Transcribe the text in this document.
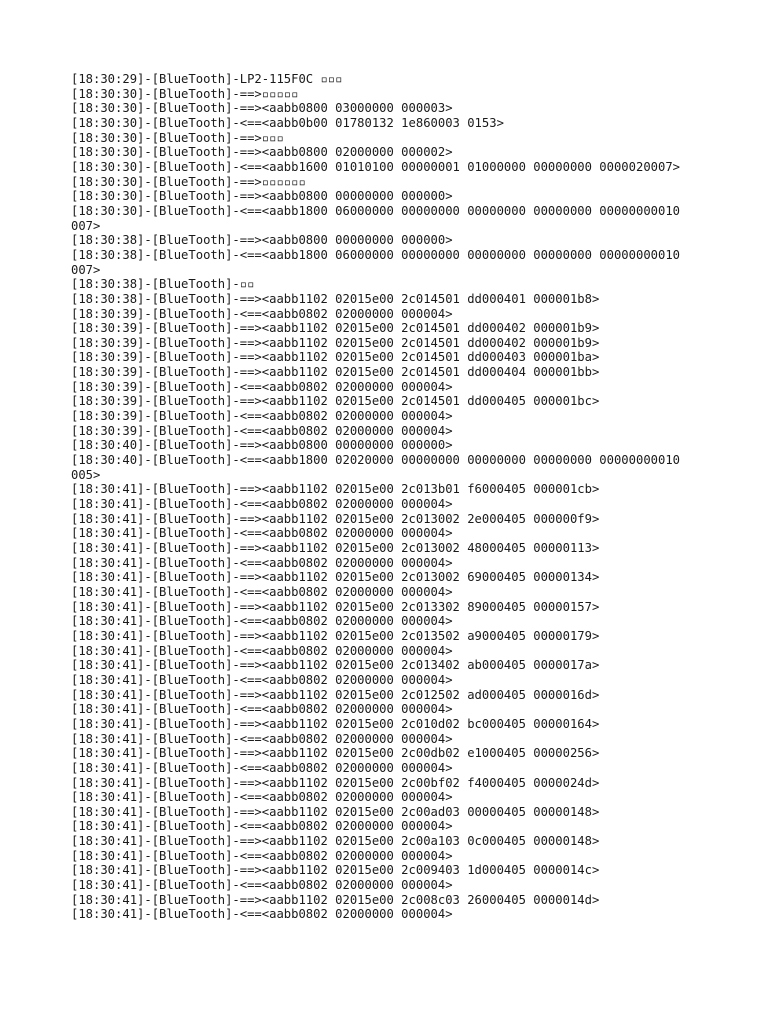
[18:30:29]-[BlueTooth]-LP2-115F0C ▫▫▫
[18:30:30]-[BlueTooth]-==>▫▫▫▫▫
[18:30:30]-[BlueTooth]-==><aabb0800 03000000 000003>
[18:30:30]-[BlueTooth]-<==<aabb0b00 01780132 1e860003 0153>
[18:30:30]-[BlueTooth]-==>▫▫▫
[18:30:30]-[BlueTooth]-==><aabb0800 02000000 000002>
[18:30:30]-[BlueTooth]-<==<aabb1600 01010100 00000001 01000000 00000000 0000020007>
[18:30:30]-[BlueTooth]-==>▫▫▫▫▫▫
[18:30:30]-[BlueTooth]-==><aabb0800 00000000 000000>
[18:30:30]-[BlueTooth]-<==<aabb1800 06000000 00000000 00000000 00000000 00000000010007>
[18:30:38]-[BlueTooth]-==><aabb0800 00000000 000000>
[18:30:38]-[BlueTooth]-<==<aabb1800 06000000 00000000 00000000 00000000 00000000010007>
[18:30:38]-[BlueTooth]-▫▫
[18:30:38]-[BlueTooth]-==><aabb1102 02015e00 2c014501 dd000401 000001b8>
[18:30:39]-[BlueTooth]-<==<aabb0802 02000000 000004>
[18:30:39]-[BlueTooth]-==><aabb1102 02015e00 2c014501 dd000402 000001b9>
[18:30:39]-[BlueTooth]-==><aabb1102 02015e00 2c014501 dd000402 000001b9>
[18:30:39]-[BlueTooth]-==><aabb1102 02015e00 2c014501 dd000403 000001ba>
[18:30:39]-[BlueTooth]-==><aabb1102 02015e00 2c014501 dd000404 000001bb>
[18:30:39]-[BlueTooth]-<==<aabb0802 02000000 000004>
[18:30:39]-[BlueTooth]-==><aabb1102 02015e00 2c014501 dd000405 000001bc>
[18:30:39]-[BlueTooth]-<==<aabb0802 02000000 000004>
[18:30:39]-[BlueTooth]-<==<aabb0802 02000000 000004>
[18:30:40]-[BlueTooth]-==><aabb0800 00000000 000000>
[18:30:40]-[BlueTooth]-<==<aabb1800 02020000 00000000 00000000 00000000 00000000010005>
[18:30:41]-[BlueTooth]-==><aabb1102 02015e00 2c013b01 f6000405 000001cb>
[18:30:41]-[BlueTooth]-<==<aabb0802 02000000 000004>
[18:30:41]-[BlueTooth]-==><aabb1102 02015e00 2c013002 2e000405 000000f9>
[18:30:41]-[BlueTooth]-<==<aabb0802 02000000 000004>
[18:30:41]-[BlueTooth]-==><aabb1102 02015e00 2c013002 48000405 00000113>
[18:30:41]-[BlueTooth]-<==<aabb0802 02000000 000004>
[18:30:41]-[BlueTooth]-==><aabb1102 02015e00 2c013002 69000405 00000134>
[18:30:41]-[BlueTooth]-<==<aabb0802 02000000 000004>
[18:30:41]-[BlueTooth]-==><aabb1102 02015e00 2c013302 89000405 00000157>
[18:30:41]-[BlueTooth]-<==<aabb0802 02000000 000004>
[18:30:41]-[BlueTooth]-==><aabb1102 02015e00 2c013502 a9000405 00000179>
[18:30:41]-[BlueTooth]-<==<aabb0802 02000000 000004>
[18:30:41]-[BlueTooth]-==><aabb1102 02015e00 2c013402 ab000405 0000017a>
[18:30:41]-[BlueTooth]-<==<aabb0802 02000000 000004>
[18:30:41]-[BlueTooth]-==><aabb1102 02015e00 2c012502 ad000405 0000016d>
[18:30:41]-[BlueTooth]-<==<aabb0802 02000000 000004>
[18:30:41]-[BlueTooth]-==><aabb1102 02015e00 2c010d02 bc000405 00000164>
[18:30:41]-[BlueTooth]-<==<aabb0802 02000000 000004>
[18:30:41]-[BlueTooth]-==><aabb1102 02015e00 2c00db02 e1000405 00000256>
[18:30:41]-[BlueTooth]-<==<aabb0802 02000000 000004>
[18:30:41]-[BlueTooth]-==><aabb1102 02015e00 2c00bf02 f4000405 0000024d>
[18:30:41]-[BlueTooth]-<==<aabb0802 02000000 000004>
[18:30:41]-[BlueTooth]-==><aabb1102 02015e00 2c00ad03 00000405 00000148>
[18:30:41]-[BlueTooth]-<==<aabb0802 02000000 000004>
[18:30:41]-[BlueTooth]-==><aabb1102 02015e00 2c00a103 0c000405 00000148>
[18:30:41]-[BlueTooth]-<==<aabb0802 02000000 000004>
[18:30:41]-[BlueTooth]-==><aabb1102 02015e00 2c009403 1d000405 0000014c>
[18:30:41]-[BlueTooth]-<==<aabb0802 02000000 000004>
[18:30:41]-[BlueTooth]-==><aabb1102 02015e00 2c008c03 26000405 0000014d>
[18:30:41]-[BlueTooth]-<==<aabb0802 02000000 000004>
